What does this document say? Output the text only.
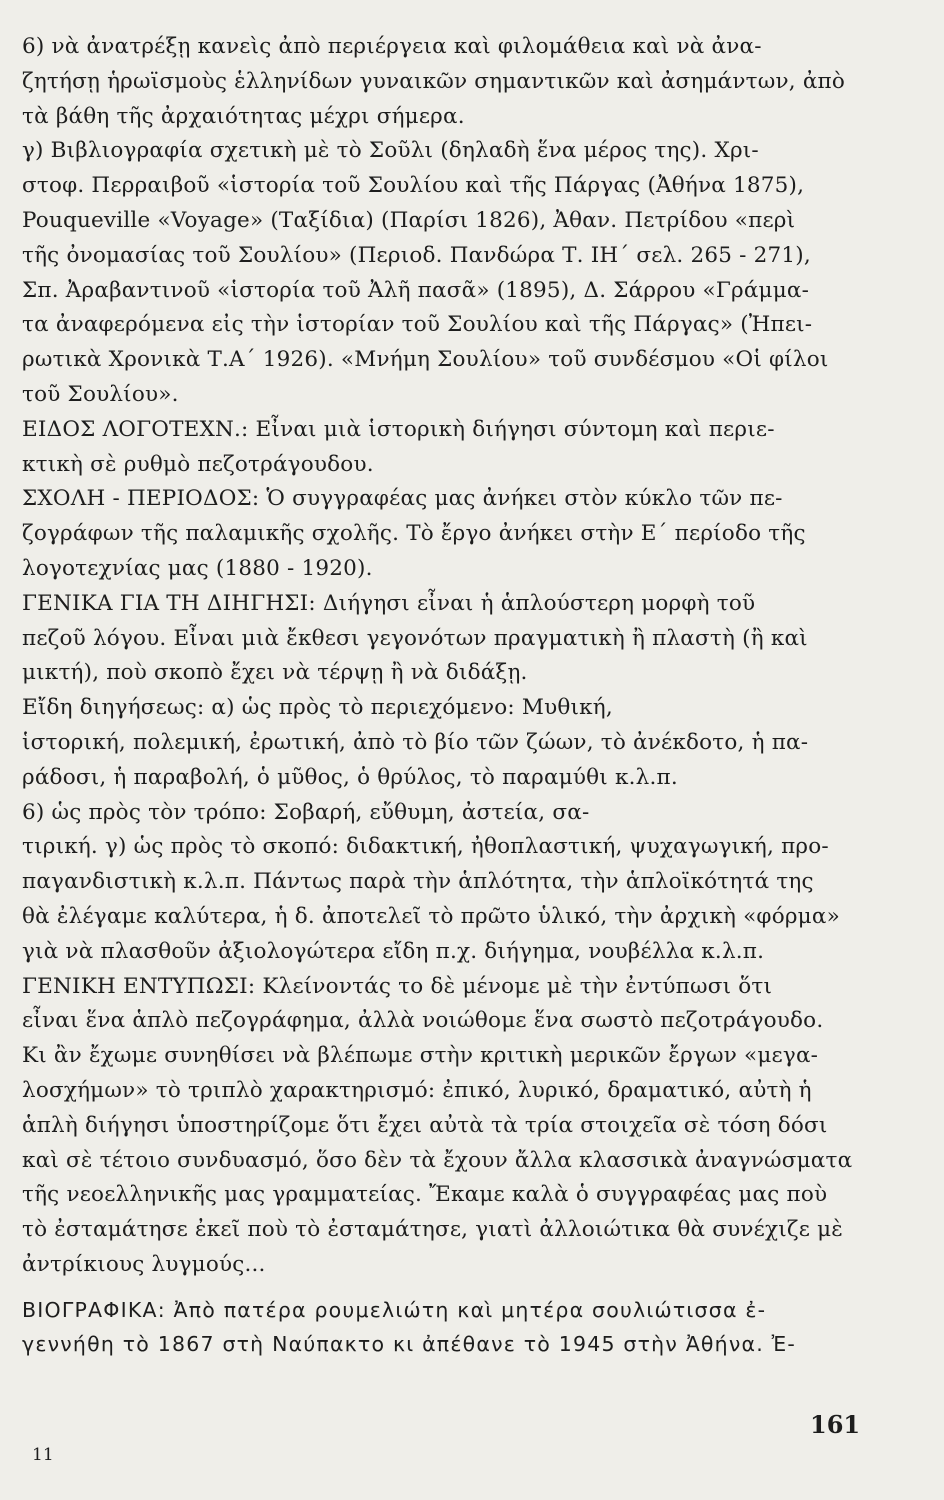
6) νὰ ἀνατρέξῃ κανεὶς ἀπὸ περιέργεια καὶ φιλομάθεια καὶ νὰ ἀνα-
ζητήσῃ ἡρωϊσμοὺς ἑλληνίδων γυναικῶν σημαντικῶν καὶ ἀσημάντων, ἀπὸ
τὰ βάθη τῆς ἀρχαιότητας μέχρι σήμερα.
γ) Βιβλιογραφία σχετικὴ μὲ τὸ Σοῦλι (δηλαδὴ ἕνα μέρος της). Χρι-
στοφ. Περραιβοῦ «ἱστορία τοῦ Σουλίου καὶ τῆς Πάργας (Ἀθήνα 1875),
Pouqueville «Voyage» (Ταξίδια) (Παρίσι 1826), Ἀθαν. Πετρίδου «περὶ
τῆς ὀνομασίας τοῦ Σουλίου» (Περιοδ. Πανδώρα Τ. ΙΗ΄ σελ. 265 - 271),
Σπ. Ἀραβαντινοῦ «ἱστορία τοῦ Ἀλῆ πασᾶ» (1895), Δ. Σάρρου «Γράμμα-
τα ἀναφερόμενα εἰς τὴν ἱστορίαν τοῦ Σουλίου καὶ τῆς Πάργας» (Ἠπει-
ρωτικὰ Χρονικὰ Τ.Α΄ 1926). «Μνήμη Σουλίου» τοῦ συνδέσμου «Οἱ φίλοι
τοῦ Σουλίου».
ΕΙΔΟΣ ΛΟΓΟΤΕΧΝ.: Εἶναι μιὰ ἱστορικὴ διήγησι σύντομη καὶ περιε-
κτικὴ σὲ ρυθμὸ πεζοτράγουδου.
ΣΧΟΛΗ - ΠΕΡΙΟΔΟΣ: Ὁ συγγραφέας μας ἀνήκει στὸν κύκλο τῶν πε-
ζογράφων τῆς παλαμικῆς σχολῆς. Τὸ ἔργο ἀνήκει στὴν Ε΄ περίοδο τῆς
λογοτεχνίας μας (1880 - 1920).
ΓΕΝΙΚΑ ΓΙΑ ΤΗ ΔΙΗΓΗΣΙ: Διήγησι εἶναι ἡ ἁπλούστερη μορφὴ τοῦ
πεζοῦ λόγου. Εἶναι μιὰ ἔκθεσι γεγονότων πραγματικὴ ἢ πλαστὴ (ἢ καὶ
μικτή), ποὺ σκοπὸ ἔχει νὰ τέρψῃ ἢ νὰ διδάξῃ.
Εἴδη διηγήσεως: α) ὡς πρὸς τὸ περιεχόμενο: Μυθική,
ἱστορική, πολεμική, ἐρωτική, ἀπὸ τὸ βίο τῶν ζώων, τὸ ἀνέκδοτο, ἡ πα-
ράδοσι, ἡ παραβολή, ὁ μῦθος, ὁ θρύλος, τὸ παραμύθι κ.λ.π.
6) ὡς πρὸς τὸν τρόπο: Σοβαρή, εὔθυμη, ἀστεία, σα-
τιρική. γ) ὡς πρὸς τὸ σκοπό: διδακτική, ἠθοπλαστική, ψυχαγωγική, προ-
παγανδιστικὴ κ.λ.π. Πάντως παρὰ τὴν ἁπλότητα, τὴν ἁπλοϊκότητά της
θὰ ἐλέγαμε καλύτερα, ἡ δ. ἀποτελεῖ τὸ πρῶτο ὑλικό, τὴν ἀρχικὴ «φόρμα»
γιὰ νὰ πλασθοῦν ἀξιολογώτερα εἴδη π.χ. διήγημα, νουβέλλα κ.λ.π.
ΓΕΝΙΚΗ ΕΝΤΥΠΩΣΙ: Κλείνοντάς το δὲ μένομε μὲ τὴν ἐντύπωσι ὅτι
εἶναι ἕνα ἁπλὸ πεζογράφημα, ἀλλὰ νοιώθομε ἕνα σωστὸ πεζοτράγουδο.
Κι ἂν ἔχωμε συνηθίσει νὰ βλέπωμε στὴν κριτικὴ μερικῶν ἔργων «μεγα-
λοσχήμων» τὸ τριπλὸ χαρακτηρισμό: ἐπικό, λυρικό, δραματικό, αὐτὴ ἡ
ἁπλὴ διήγησι ὑποστηρίζομε ὅτι ἔχει αὐτὰ τὰ τρία στοιχεῖα σὲ τόση δόσι
καὶ σὲ τέτοιο συνδυασμό, ὅσο δὲν τὰ ἔχουν ἄλλα κλασσικὰ ἀναγνώσματα
τῆς νεοελληνικῆς μας γραμματείας. Ἔκαμε καλὰ ὁ συγγραφέας μας ποὺ
τὸ ἐσταμάτησε ἐκεῖ ποὺ τὸ ἐσταμάτησε, γιατὶ ἀλλοιώτικα θὰ συνέχιζε μὲ
ἀντρίκιους λυγμούς...
ΒΙΟΓΡΑΦΙΚΑ: Ἀπὸ πατέρα ρουμελιώτη καὶ μητέρα σουλιώτισσα ἐ-
γεννήθη τὸ 1867 στὴ Ναύπακτο κι ἀπέθανε τὸ 1945 στὴν Ἀθήνα. Ἐ-
161
11
